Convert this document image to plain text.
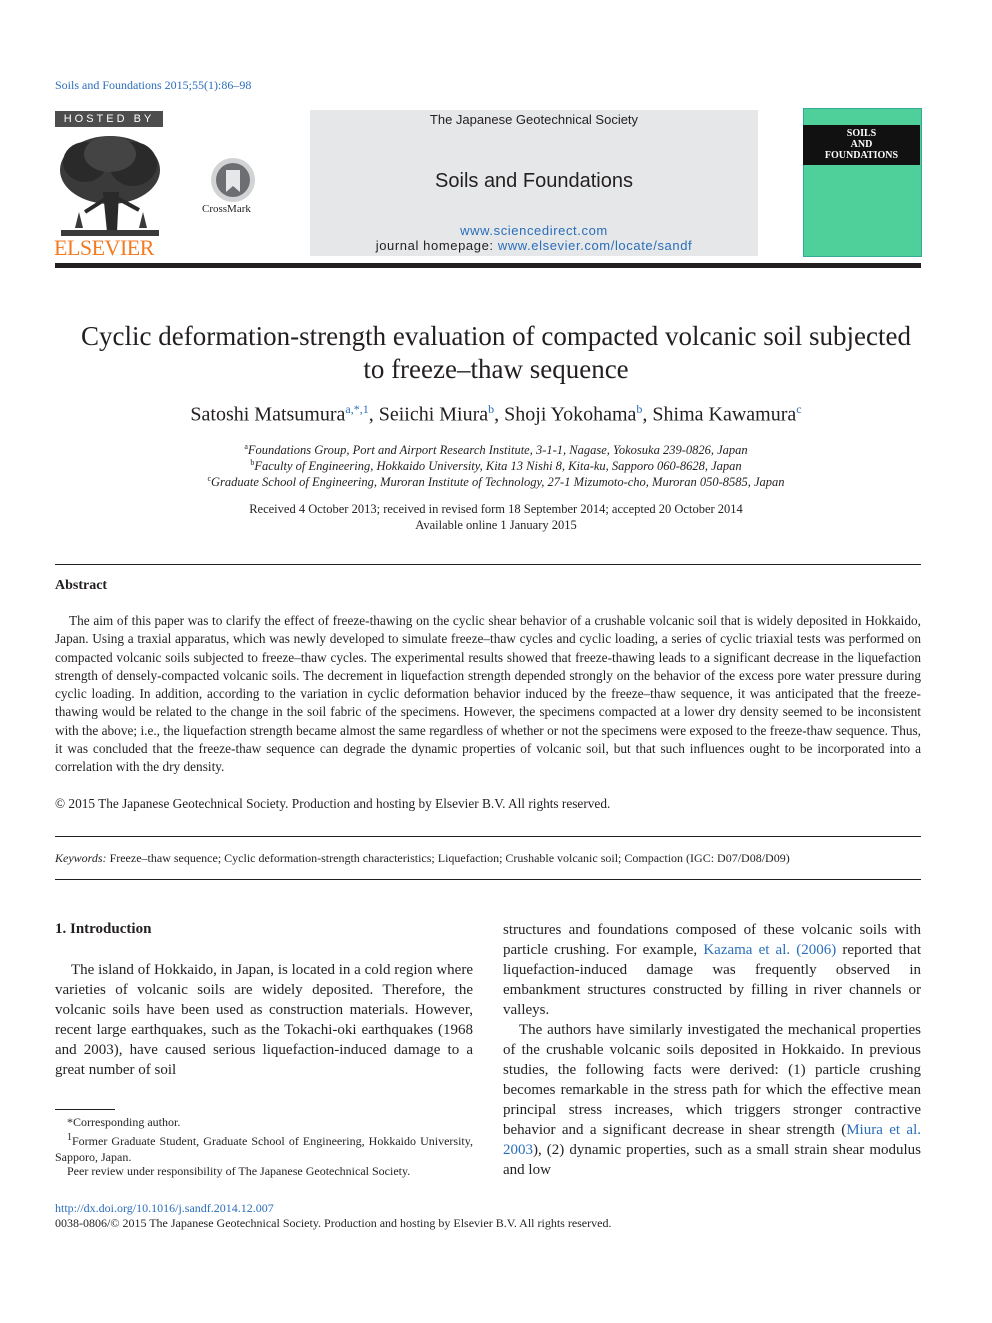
Soils and Foundations 2015;55(1):86–98
HOSTED BY
ELSEVIER
CrossMark
The Japanese Geotechnical Society
Soils and Foundations
www.sciencedirect.com
journal homepage: www.elsevier.com/locate/sandf
SOILS
AND
FOUNDATIONS
Cyclic deformation-strength evaluation of compacted volcanic soil subjected
to freeze–thaw sequence
Satoshi Matsumura$^{a,*,1}$, Seiichi Miura$^b$, Shoji Yokohama$^b$, Shima Kawamura$^c$
$^a$Foundations Group, Port and Airport Research Institute, 3-1-1, Nagase, Yokosuka 239-0826, Japan
$^b$Faculty of Engineering, Hokkaido University, Kita 13 Nishi 8, Kita-ku, Sapporo 060-8628, Japan
$^c$Graduate School of Engineering, Muroran Institute of Technology, 27-1 Mizumoto-cho, Muroran 050-8585, Japan
Received 4 October 2013; received in revised form 18 September 2014; accepted 20 October 2014
Available online 1 January 2015
Abstract

The aim of this paper was to clarify the effect of freeze-thawing on the cyclic shear behavior of a crushable volcanic soil that is widely deposited in Hokkaido, Japan. Using a traxial apparatus, which was newly developed to simulate freeze–thaw cycles and cyclic loading, a series of cyclic triaxial tests was performed on compacted volcanic soils subjected to freeze–thaw cycles. The experimental results showed that freeze-thawing leads to a significant decrease in the liquefaction strength of densely-compacted volcanic soils. The decrement in liquefaction strength depended strongly on the behavior of the excess pore water pressure during cyclic loading. In addition, according to the variation in cyclic deformation behavior induced by the freeze–thaw sequence, it was anticipated that the freeze-thawing would be related to the change in the soil fabric of the specimens. However, the specimens compacted at a lower dry density seemed to be inconsistent with the above; i.e., the liquefaction strength became almost the same regardless of whether or not the specimens were exposed to the freeze-thaw sequence. Thus, it was concluded that the freeze-thaw sequence can degrade the dynamic properties of volcanic soil, but that such influences ought to be incorporated into a correlation with the dry density.

© 2015 The Japanese Geotechnical Society. Production and hosting by Elsevier B.V. All rights reserved.
Keywords: Freeze–thaw sequence; Cyclic deformation-strength characteristics; Liquefaction; Crushable volcanic soil; Compaction (IGC: D07/D08/D09)
1. Introduction

The island of Hokkaido, in Japan, is located in a cold region where varieties of volcanic soils are widely deposited. Therefore, the volcanic soils have been used as construction materials. However, recent large earthquakes, such as the Tokachi-oki earthquakes (1968 and 2003), have caused serious liquefaction-induced damage to a great number of soil

structures and foundations composed of these volcanic soils with particle crushing. For example, Kazama et al. (2006) reported that liquefaction-induced damage was frequently observed in embankment structures constructed by filling in river channels or valleys.

The authors have similarly investigated the mechanical properties of the crushable volcanic soils deposited in Hokkaido. In previous studies, the following facts were derived: (1) particle crushing becomes remarkable in the stress path for which the effective mean principal stress increases, which triggers stronger contractive behavior and a significant decrease in shear strength (Miura et al. 2003), (2) dynamic properties, such as a small strain shear modulus and low

*Corresponding author.

$^1$Former Graduate Student, Graduate School of Engineering, Hokkaido University, Sapporo, Japan.

Peer review under responsibility of The Japanese Geotechnical Society.

http://dx.doi.org/10.1016/j.sandf.2014.12.007
0038-0806/© 2015 The Japanese Geotechnical Society. Production and hosting by Elsevier B.V. All rights reserved.
